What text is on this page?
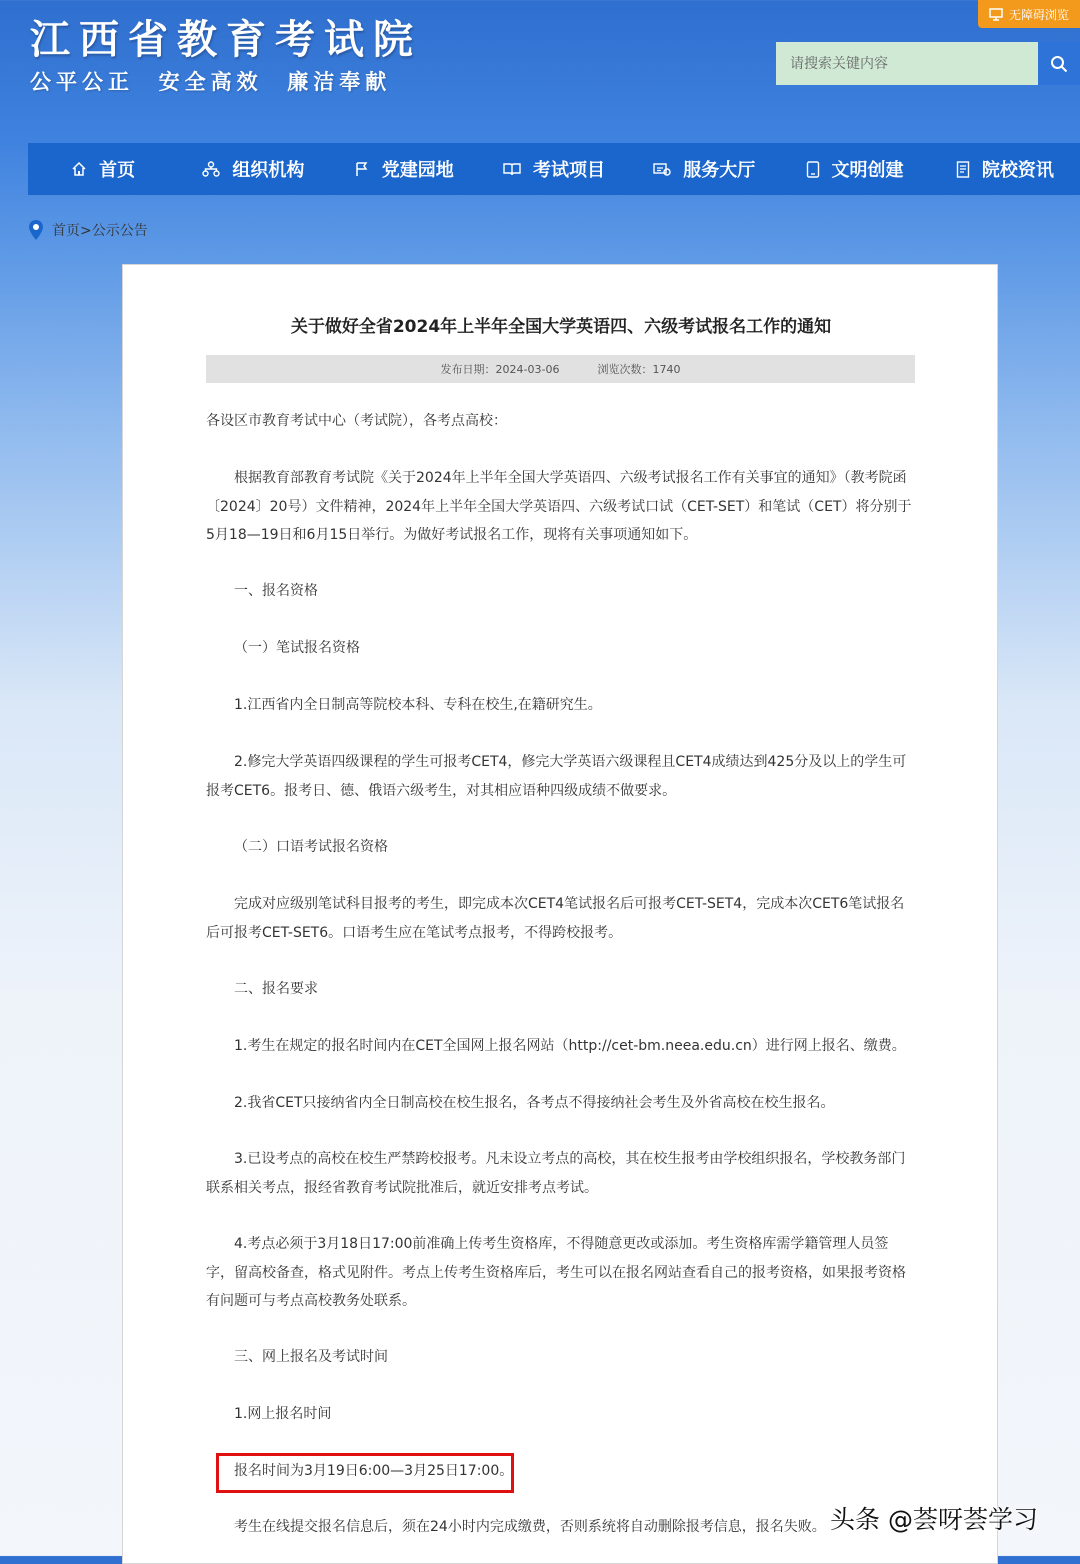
江西省教育考试院
公平公正  安全高效  廉洁奉献
无障碍浏览
请搜索关键内容
首页	组织机构	党建园地	考试项目	服务大厅	文明创建	院校资讯
首页>公示公告
关于做好全省2024年上半年全国大学英语四、六级考试报名工作的通知
发布日期：2024-03-06	浏览次数：1740
各设区市教育考试中心（考试院），各考点高校：
根据教育部教育考试院《关于2024年上半年全国大学英语四、六级考试报名工作有关事宜的通知》（教考院函〔2024〕20号）文件精神，2024年上半年全国大学英语四、六级考试口试（CET-SET）和笔试（CET）将分别于5月18—19日和6月15日举行。为做好考试报名工作，现将有关事项通知如下。
一、报名资格
（一）笔试报名资格
1.江西省内全日制高等院校本科、专科在校生,在籍研究生。
2.修完大学英语四级课程的学生可报考CET4，修完大学英语六级课程且CET4成绩达到425分及以上的学生可报考CET6。报考日、德、俄语六级考生，对其相应语种四级成绩不做要求。
（二）口语考试报名资格
完成对应级别笔试科目报考的考生，即完成本次CET4笔试报名后可报考CET-SET4，完成本次CET6笔试报名后可报考CET-SET6。口语考生应在笔试考点报考，不得跨校报考。
二、报名要求
1.考生在规定的报名时间内在CET全国网上报名网站（http://cet-bm.neea.edu.cn）进行网上报名、缴费。
2.我省CET只接纳省内全日制高校在校生报名，各考点不得接纳社会考生及外省高校在校生报名。
3.已设考点的高校在校生严禁跨校报考。凡未设立考点的高校，其在校生报考由学校组织报名，学校教务部门联系相关考点，报经省教育考试院批准后，就近安排考点考试。
4.考点必须于3月18日17:00前准确上传考生资格库，不得随意更改或添加。考生资格库需学籍管理人员签字，留高校备查，格式见附件。考点上传考生资格库后，考生可以在报名网站查看自己的报考资格，如果报考资格有问题可与考点高校教务处联系。
三、网上报名及考试时间
1.网上报名时间
报名时间为3月19日6:00—3月25日17:00。
考生在线提交报名信息后，须在24小时内完成缴费，否则系统将自动删除报考信息，报名失败。 头条 @荟呀荟学习
